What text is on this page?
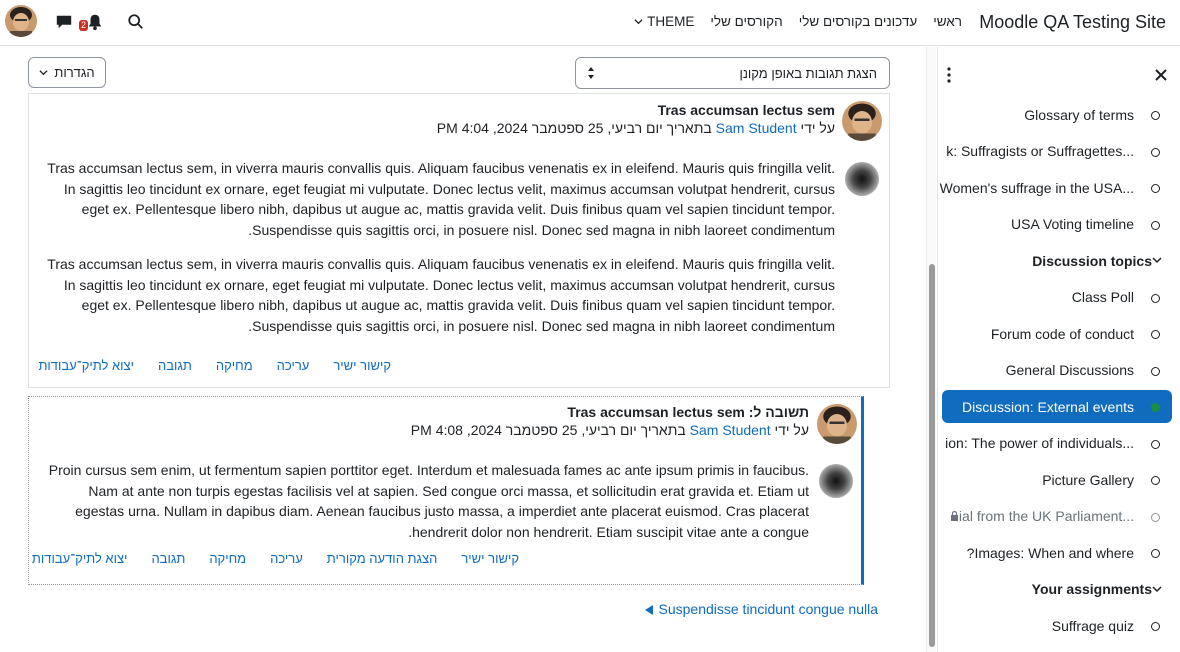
Moodle QA Testing Site
ראשי
עדכונים בקורסים שלי
הקורסים שלי
THEME
2
הצגת תגובות באופן מקונן
הגדרות
Tras accumsan lectus sem
על ידי Sam Student בתאריך יום רביעי, 25 ספטמבר 2024, 4:04 PM

Tras accumsan lectus sem, in viverra mauris convallis quis. Aliquam faucibus venenatis ex in eleifend. Mauris quis fringilla velit. In sagittis leo tincidunt ex ornare, eget feugiat mi vulputate. Donec lectus velit, maximus accumsan volutpat hendrerit, cursus eget ex. Pellentesque libero nibh, dapibus ut augue ac, mattis gravida velit. Duis finibus quam vel sapien tincidunt tempor. Suspendisse quis sagittis orci, in posuere nisl. Donec sed magna in nibh laoreet condimentum.

Tras accumsan lectus sem, in viverra mauris convallis quis. Aliquam faucibus venenatis ex in eleifend. Mauris quis fringilla velit. In sagittis leo tincidunt ex ornare, eget feugiat mi vulputate. Donec lectus velit, maximus accumsan volutpat hendrerit, cursus eget ex. Pellentesque libero nibh, dapibus ut augue ac, mattis gravida velit. Duis finibus quam vel sapien tincidunt tempor. Suspendisse quis sagittis orci, in posuere nisl. Donec sed magna in nibh laoreet condimentum.

קישור ישיר
עריכה
מחיקה
תגובה
יצוא לתיק־עבודות
תשובה ל: Tras accumsan lectus sem
על ידי Sam Student בתאריך יום רביעי, 25 ספטמבר 2024, 4:08 PM

Proin cursus sem enim, ut fermentum sapien porttitor eget. Interdum et malesuada fames ac ante ipsum primis in faucibus. Nam at ante non turpis egestas facilisis vel at sapien. Sed congue orci massa, et sollicitudin erat gravida et. Etiam ut egestas urna. Nullam in dapibus diam. Aenean faucibus justo massa, a imperdiet ante placerat euismod. Cras placerat hendrerit dolor non hendrerit. Etiam suscipit vitae ante a congue.

קישור ישיר
הצגת הודעה מקורית
עריכה
מחיקה
תגובה
יצוא לתיק־עבודות
Suspendisse tincidunt congue nulla
Glossary of terms
...k: Suffragists or Suffragettes
...Women's suffrage in the USA
USA Voting timeline
Discussion topics
Class Poll
Forum code of conduct
General Discussions
Discussion: External events
...ion: The power of individuals
Picture Gallery
...ial from the UK Parliament
Images: When and where?
Your assignments
Suffrage quiz
